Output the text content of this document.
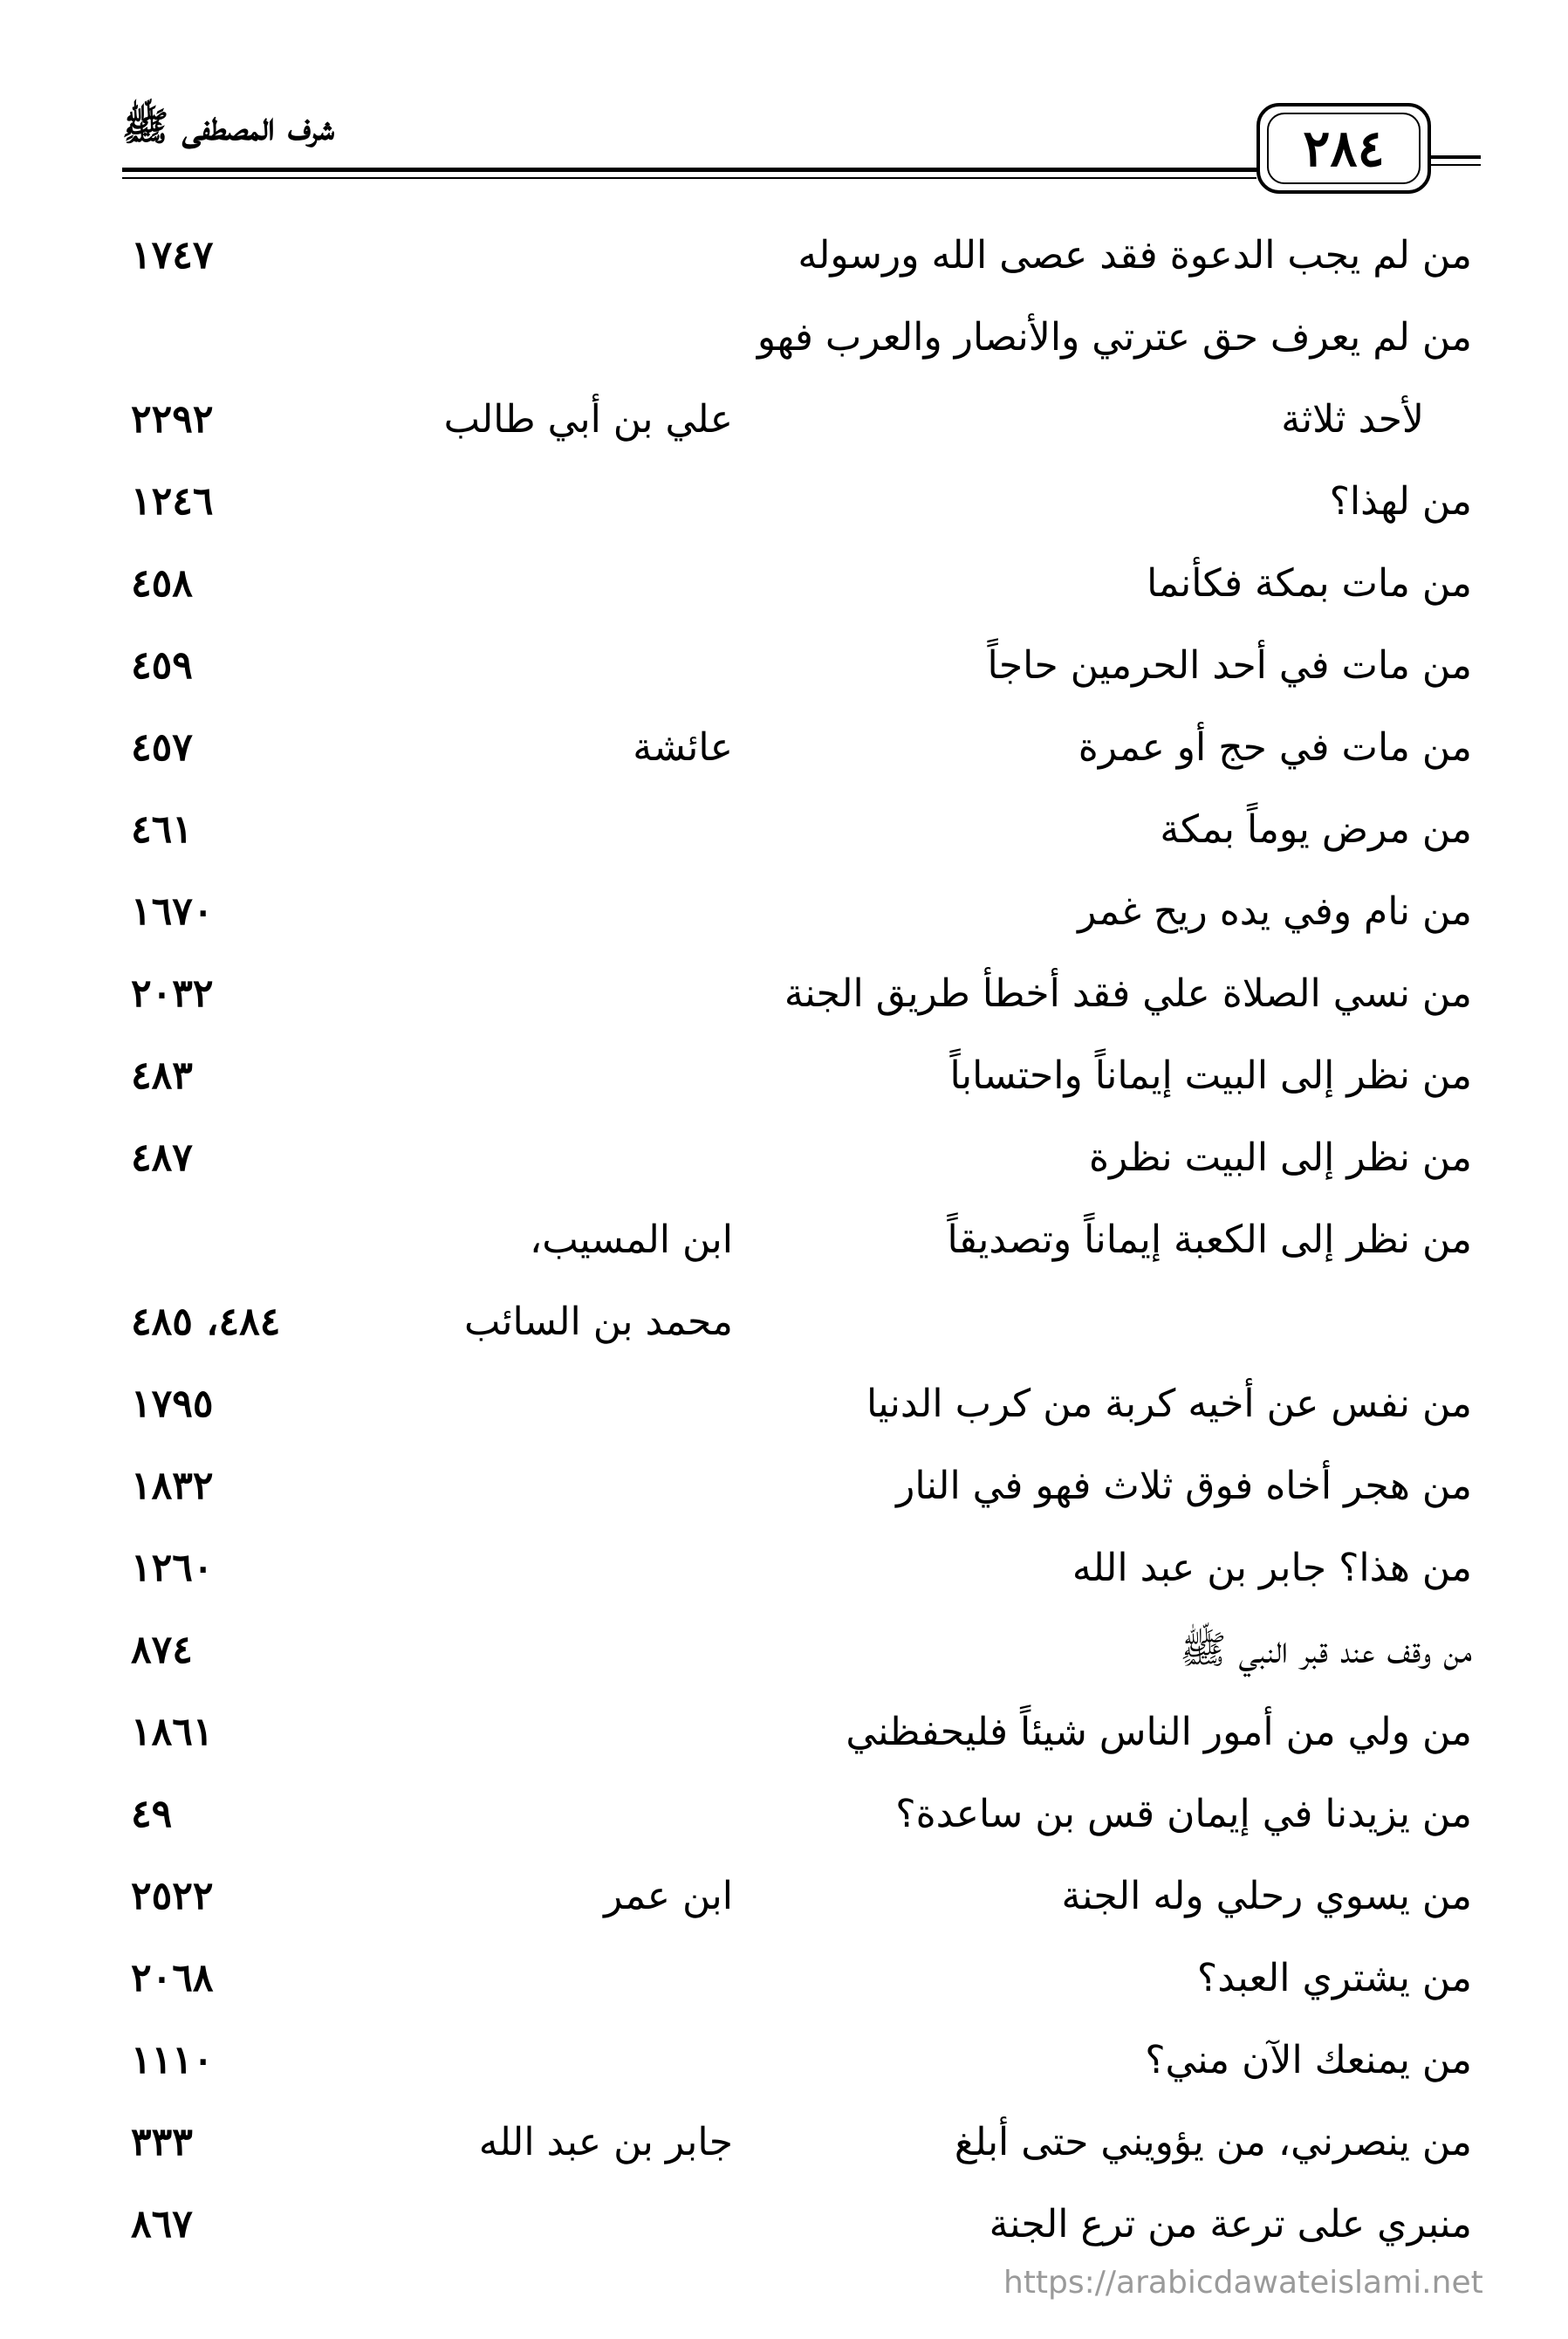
شرف المصطفى ﷺ	٢٨٤
من لم يجب الدعوة فقد عصى الله ورسوله
١٧٤٧
من لم يعرف حق عترتي والأنصار والعرب فهو
لأحد ثلاثة
علي بن أبي طالب
٢٢٩٢
من لهذا؟
١٢٤٦
من مات بمكة فكأنما
٤٥٨
من مات في أحد الحرمين حاجاً
٤٥٩
من مات في حج أو عمرة
عائشة
٤٥٧
من مرض يوماً بمكة
٤٦١
من نام وفي يده ريح غمر
١٦٧٠
من نسي الصلاة علي فقد أخطأ طريق الجنة
٢٠٣٢
من نظر إلى البيت إيماناً واحتساباً
٤٨٣
من نظر إلى البيت نظرة
٤٨٧
من نظر إلى الكعبة إيماناً وتصديقاً
ابن المسيب،
محمد بن السائب
٤٨٤، ٤٨٥
من نفس عن أخيه كربة من كرب الدنيا
١٧٩٥
من هجر أخاه فوق ثلاث فهو في النار
١٨٣٢
من هذا؟ جابر بن عبد الله
١٢٦٠
من وقف عند قبر النبي ﷺ
٨٧٤
من ولي من أمور الناس شيئاً فليحفظني
١٨٦١
من يزيدنا في إيمان قس بن ساعدة؟
٤٩
من يسوي رحلي وله الجنة
ابن عمر
٢٥٢٢
من يشتري العبد؟
٢٠٦٨
من يمنعك الآن مني؟
١١١٠
من ينصرني، من يؤويني حتى أبلغ
جابر بن عبد الله
٣٣٣
منبري على ترعة من ترع الجنة
٨٦٧
https://arabicdawateislami.net
